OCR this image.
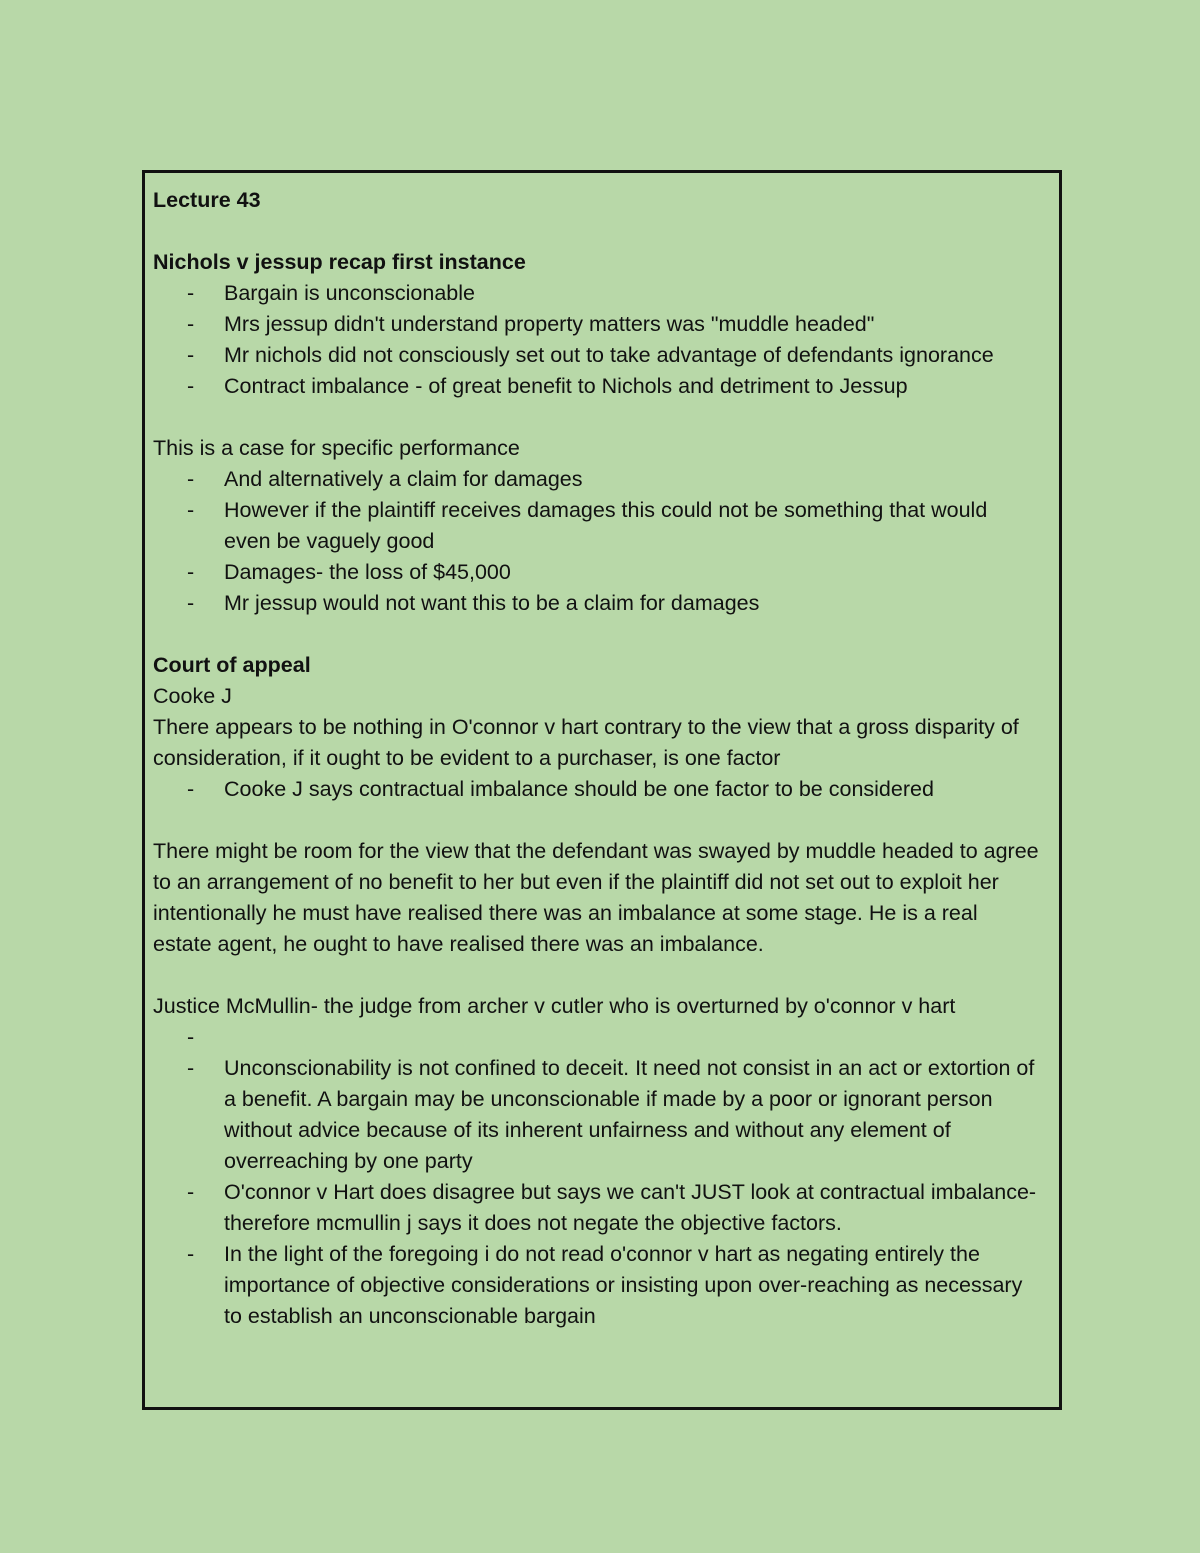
Lecture 43

Nichols v jessup recap first instance

- Bargain is unconscionable
- Mrs jessup didn't understand property matters was "muddle headed"
- Mr nichols did not consciously set out to take advantage of defendants ignorance
- Contract imbalance - of great benefit to Nichols and detriment to Jessup

This is a case for specific performance

- And alternatively a claim for damages
- However if the plaintiff receives damages this could not be something that would even be vaguely good
- Damages- the loss of $45,000
- Mr jessup would not want this to be a claim for damages

Court of appeal

Cooke J

There appears to be nothing in O'connor v hart contrary to the view that a gross disparity of consideration, if it ought to be evident to a purchaser, is one factor

- Cooke J says contractual imbalance should be one factor to be considered

There might be room for the view that the defendant was swayed by muddle headed to agree to an arrangement of no benefit to her but even if the plaintiff did not set out to exploit her intentionally he must have realised there was an imbalance at some stage. He is a real estate agent, he ought to have realised there was an imbalance.

Justice McMullin- the judge from archer v cutler who is overturned by o'connor v hart

-
- Unconscionability is not confined to deceit. It need not consist in an act or extortion of a benefit. A bargain may be unconscionable if made by a poor or ignorant person without advice because of its inherent unfairness and without any element of overreaching by one party
- O'connor v Hart does disagree but says we can't JUST look at contractual imbalance- therefore mcmullin j says it does not negate the objective factors.
- In the light of the foregoing i do not read o'connor v hart as negating entirely the importance of objective considerations or insisting upon over-reaching as necessary to establish an unconscionable bargain
